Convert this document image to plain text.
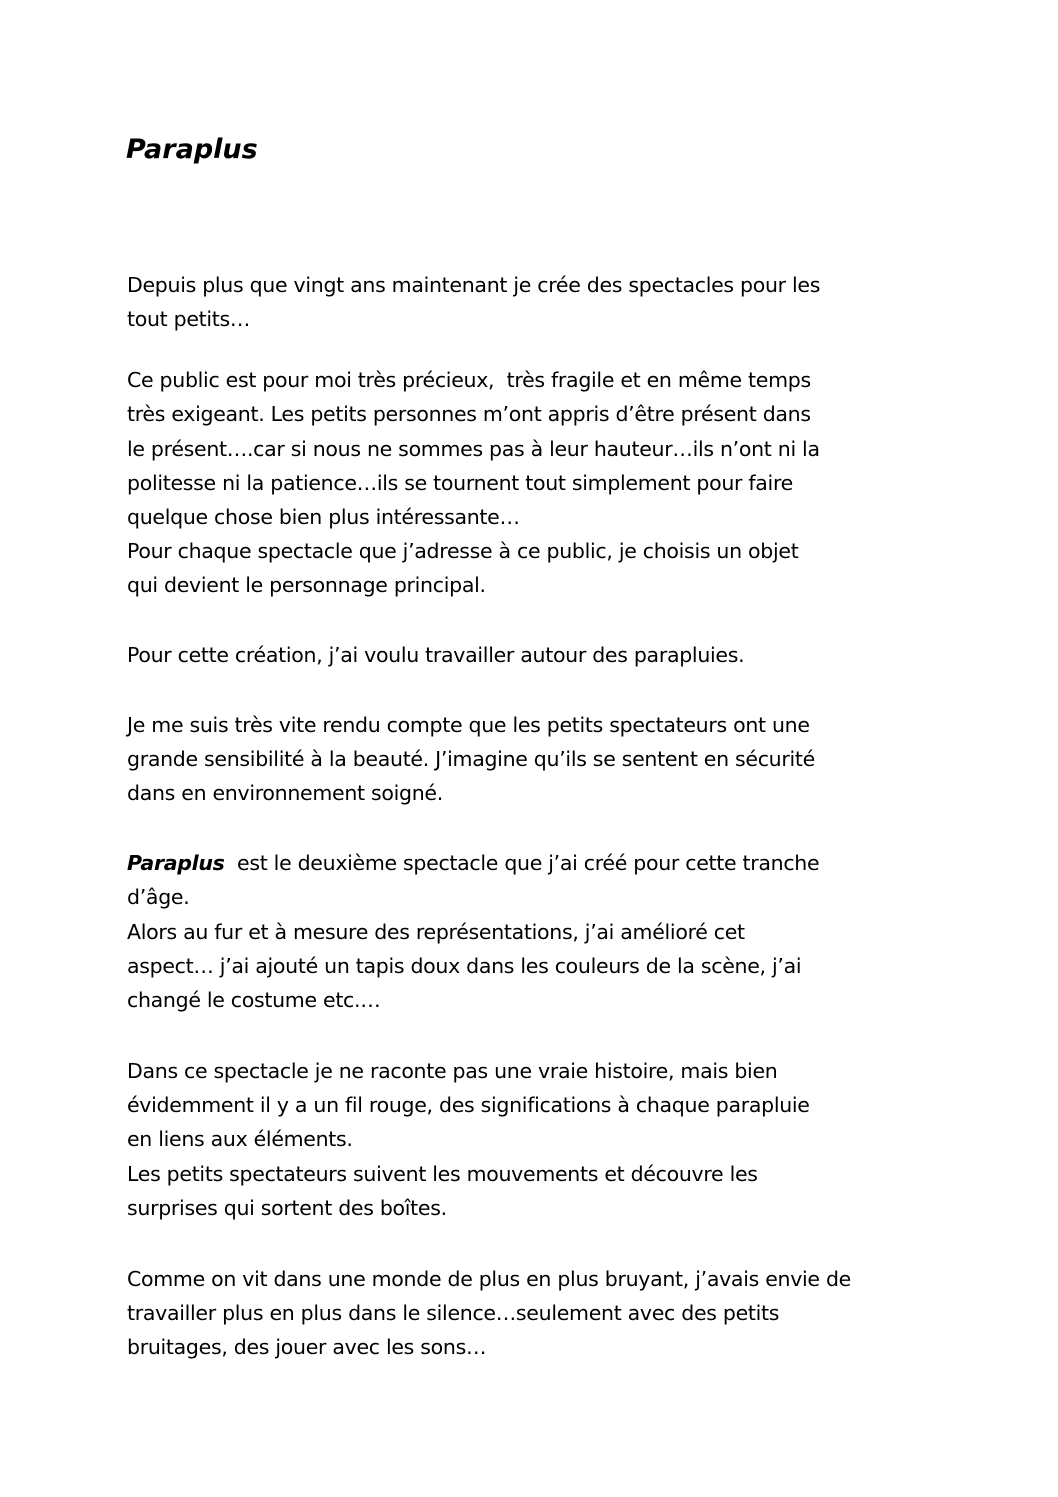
Paraplus
Depuis plus que vingt ans maintenant je crée des spectacles pour les
tout petits…
Ce public est pour moi très précieux,  très fragile et en même temps
très exigeant. Les petits personnes m’ont appris d’être présent dans
le présent….car si nous ne sommes pas à leur hauteur…ils n’ont ni la
politesse ni la patience…ils se tournent tout simplement pour faire
quelque chose bien plus intéressante…
Pour chaque spectacle que j’adresse à ce public, je choisis un objet
qui devient le personnage principal.
Pour cette création, j’ai voulu travailler autour des parapluies.
Je me suis très vite rendu compte que les petits spectateurs ont une
grande sensibilité à la beauté. J’imagine qu’ils se sentent en sécurité
dans en environnement soigné.
Paraplus  est le deuxième spectacle que j’ai créé pour cette tranche
d’âge.
Alors au fur et à mesure des représentations, j’ai amélioré cet
aspect… j’ai ajouté un tapis doux dans les couleurs de la scène, j’ai
changé le costume etc.…
Dans ce spectacle je ne raconte pas une vraie histoire, mais bien
évidemment il y a un fil rouge, des significations à chaque parapluie
en liens aux éléments.
Les petits spectateurs suivent les mouvements et découvre les
surprises qui sortent des boîtes.
Comme on vit dans une monde de plus en plus bruyant, j’avais envie de
travailler plus en plus dans le silence…seulement avec des petits
bruitages, des jouer avec les sons…
